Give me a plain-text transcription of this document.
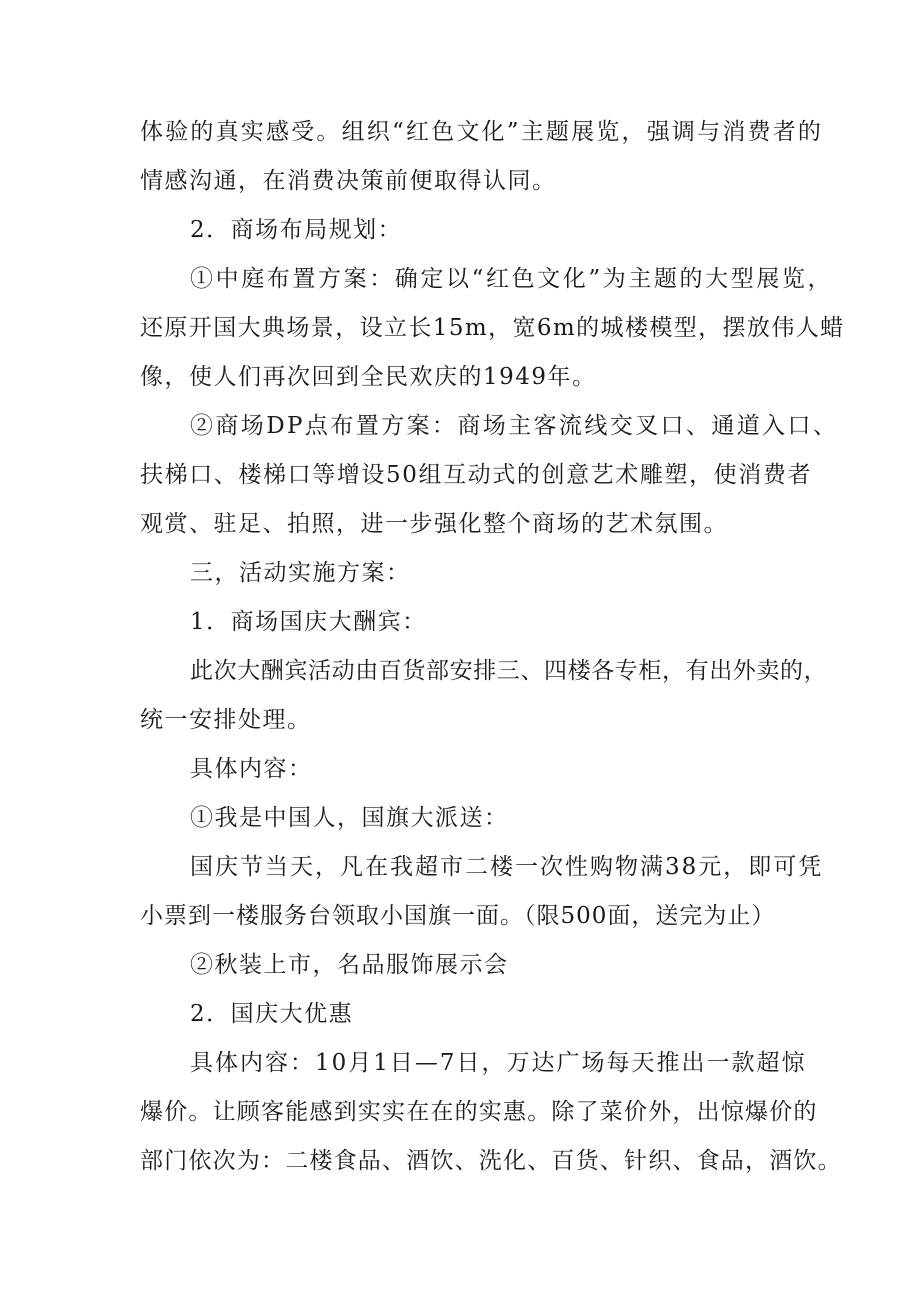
体验的真实感受。组织“红色文化”主题展览，强调与消费者的
情感沟通，在消费决策前便取得认同。
2．商场布局规划：
①中庭布置方案：确定以“红色文化”为主题的大型展览，
还原开国大典场景，设立长15m，宽6m的城楼模型，摆放伟人蜡
像，使人们再次回到全民欢庆的1949年。
②商场DP点布置方案：商场主客流线交叉口、通道入口、
扶梯口、楼梯口等增设50组互动式的创意艺术雕塑，使消费者
观赏、驻足、拍照，进一步强化整个商场的艺术氛围。
三，活动实施方案：
1．商场国庆大酬宾：
此次大酬宾活动由百货部安排三、四楼各专柜，有出外卖的，
统一安排处理。
具体内容：
①我是中国人，国旗大派送：
国庆节当天，凡在我超市二楼一次性购物满38元，即可凭
小票到一楼服务台领取小国旗一面。（限500面，送完为止）
②秋装上市，名品服饰展示会
2．国庆大优惠
具体内容：10月1日—7日，万达广场每天推出一款超惊
爆价。让顾客能感到实实在在的实惠。除了菜价外，出惊爆价的
部门依次为：二楼食品、酒饮、洗化、百货、针织、食品，酒饮。
